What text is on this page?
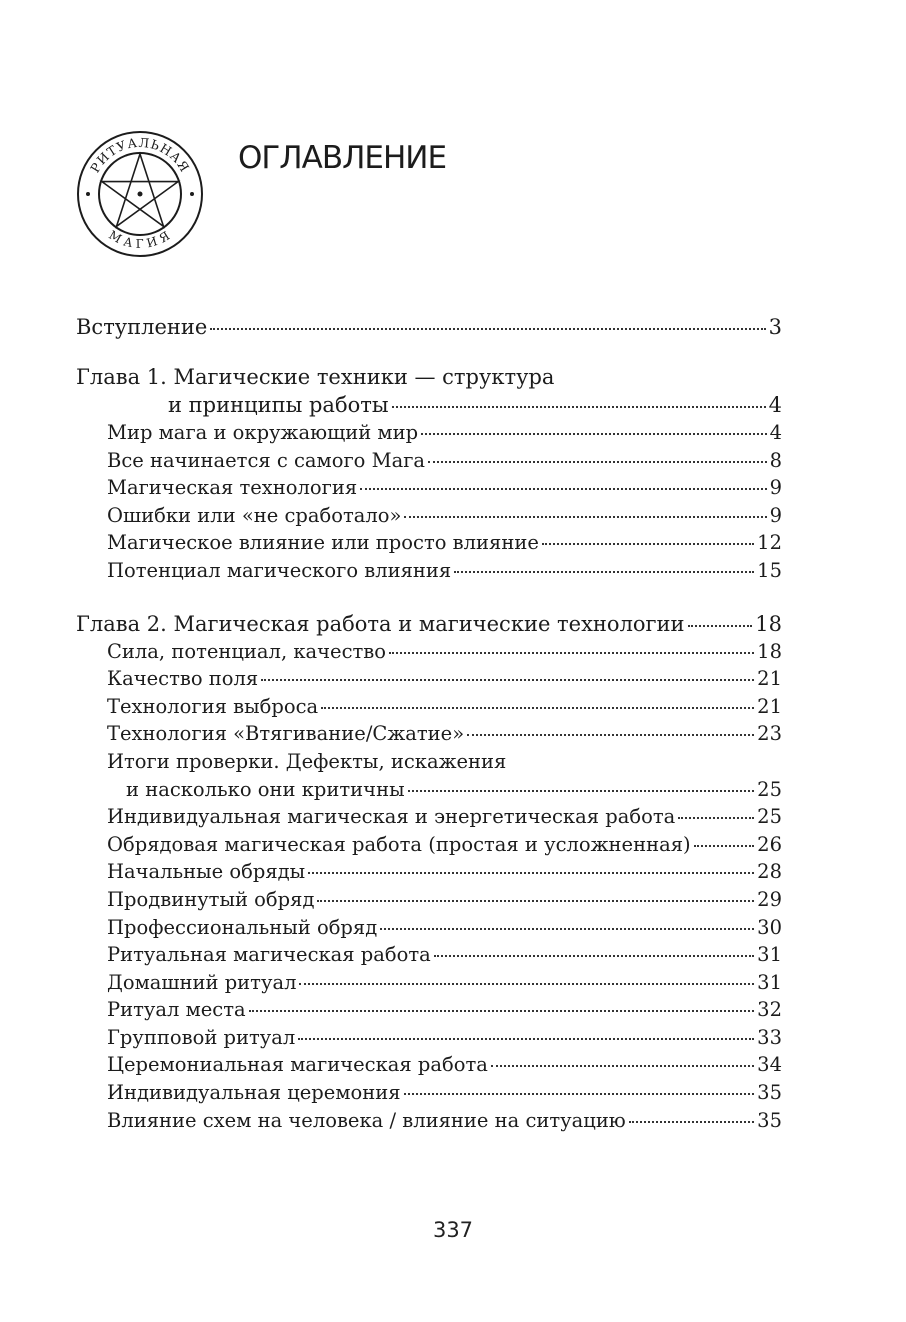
РИТУАЛЬНАЯ
МАГИЯ
ОГЛАВЛЕНИЕ
Вступление	3
Глава 1. Магические техники — структура
и принципы работы	4
Мир мага и окружающий мир	4
Все начинается с самого Мага	8
Магическая технология	9
Ошибки или «не сработало»	9
Магическое влияние или просто влияние	12
Потенциал магического влияния	15
Глава 2. Магическая работа и магические технологии	18
Сила, потенциал, качество	18
Качество поля	21
Технология выброса	21
Технология «Втягивание/Сжатие»	23
Итоги проверки. Дефекты, искажения
и насколько они критичны	25
Индивидуальная магическая и энергетическая работа	25
Обрядовая магическая работа (простая и усложненная)	26
Начальные обряды	28
Продвинутый обряд	29
Профессиональный обряд	30
Ритуальная магическая работа	31
Домашний ритуал	31
Ритуал места	32
Групповой ритуал	33
Церемониальная магическая работа	34
Индивидуальная церемония	35
Влияние схем на человека / влияние на ситуацию	35
337
